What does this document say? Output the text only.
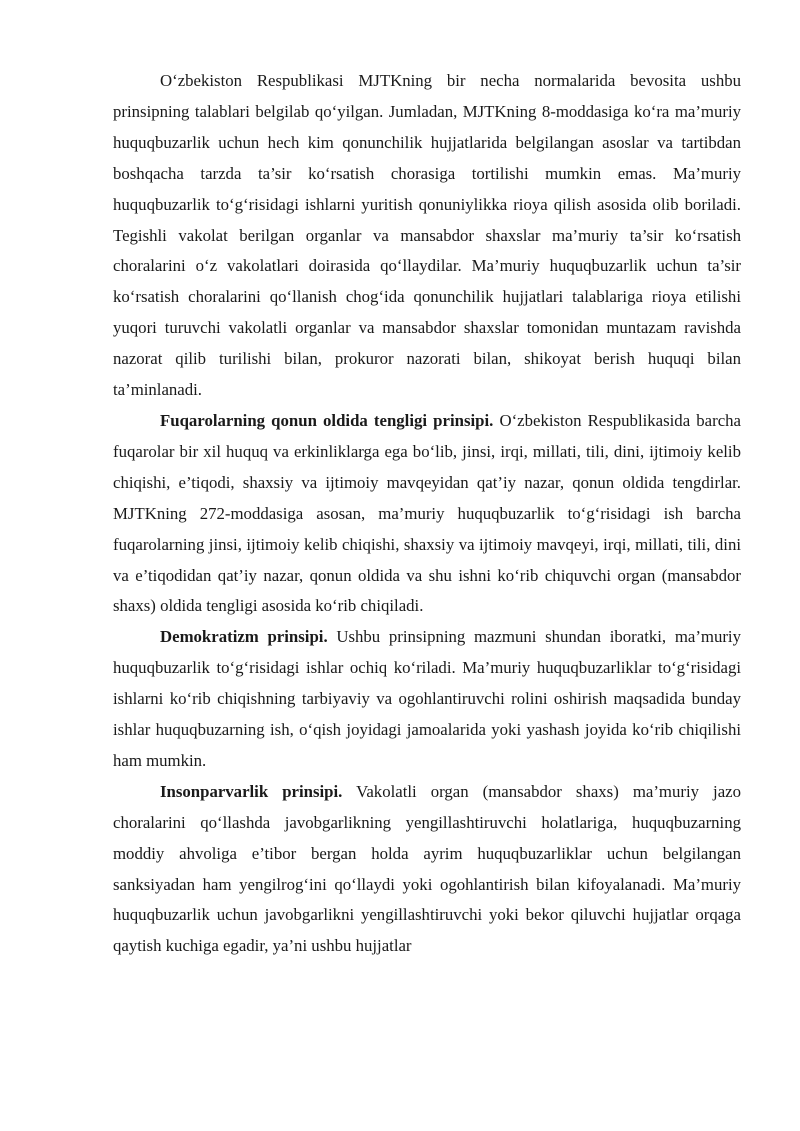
O‘zbekiston Respublikasi MJTKning bir necha normalarida bevosita ushbu prinsipning talablari belgilab qo‘yilgan. Jumladan, MJTKning 8-moddasiga ko‘ra ma’muriy huquqbuzarlik uchun hech kim qonunchilik hujjatlarida belgilangan asoslar va tartibdan boshqacha tarzda ta’sir ko‘rsatish chorasiga tortilishi mumkin emas. Ma’muriy huquqbuzarlik to‘g‘risidagi ishlarni yuritish qonuniylikka rioya qilish asosida olib boriladi. Tegishli vakolat berilgan organlar va mansabdor shaxslar ma’muriy ta’sir ko‘rsatish choralarini o‘z vakolatlari doirasida qo‘llaydilar. Ma’muriy huquqbuzarlik uchun ta’sir ko‘rsatish choralarini qo‘llanish chog‘ida qonunchilik hujjatlari talablariga rioya etilishi yuqori turuvchi vakolatli organlar va mansabdor shaxslar tomonidan muntazam ravishda nazorat qilib turilishi bilan, prokuror nazorati bilan, shikoyat berish huquqi bilan ta’minlanadi.

Fuqarolarning qonun oldida tengligi prinsipi. O‘zbekiston Respublikasida barcha fuqarolar bir xil huquq va erkinliklarga ega bo‘lib, jinsi, irqi, millati, tili, dini, ijtimoiy kelib chiqishi, e’tiqodi, shaxsiy va ijtimoiy mavqeyidan qat’iy nazar, qonun oldida tengdirlar. MJTKning 272-moddasiga asosan, ma’muriy huquqbuzarlik to‘g‘risidagi ish barcha fuqarolarning jinsi, ijtimoiy kelib chiqishi, shaxsiy va ijtimoiy mavqeyi, irqi, millati, tili, dini va e’tiqodidan qat’iy nazar, qonun oldida va shu ishni ko‘rib chiquvchi organ (mansabdor shaxs) oldida tengligi asosida ko‘rib chiqiladi.

Demokratizm prinsipi. Ushbu prinsipning mazmuni shundan iboratki, ma’muriy huquqbuzarlik to‘g‘risidagi ishlar ochiq ko‘riladi. Ma’muriy huquqbuzarliklar to‘g‘risidagi ishlarni ko‘rib chiqishning tarbiyaviy va ogohlantiruvchi rolini oshirish maqsadida bunday ishlar huquqbuzarning ish, o‘qish joyidagi jamoalarida yoki yashash joyida ko‘rib chiqilishi ham mumkin.

Insonparvarlik prinsipi. Vakolatli organ (mansabdor shaxs) ma’muriy jazo choralarini qo‘llashda javobgarlikning yengillashtiruvchi holatlariga, huquqbuzarning moddiy ahvoliga e’tibor bergan holda ayrim huquqbuzarliklar uchun belgilangan sanksiyadan ham yengilrog‘ini qo‘llaydi yoki ogohlantirish bilan kifoyalanadi. Ma’muriy huquqbuzarlik uchun javobgarlikni yengillashtiruvchi yoki bekor qiluvchi hujjatlar orqaga qaytish kuchiga egadir, ya’ni ushbu hujjatlar
